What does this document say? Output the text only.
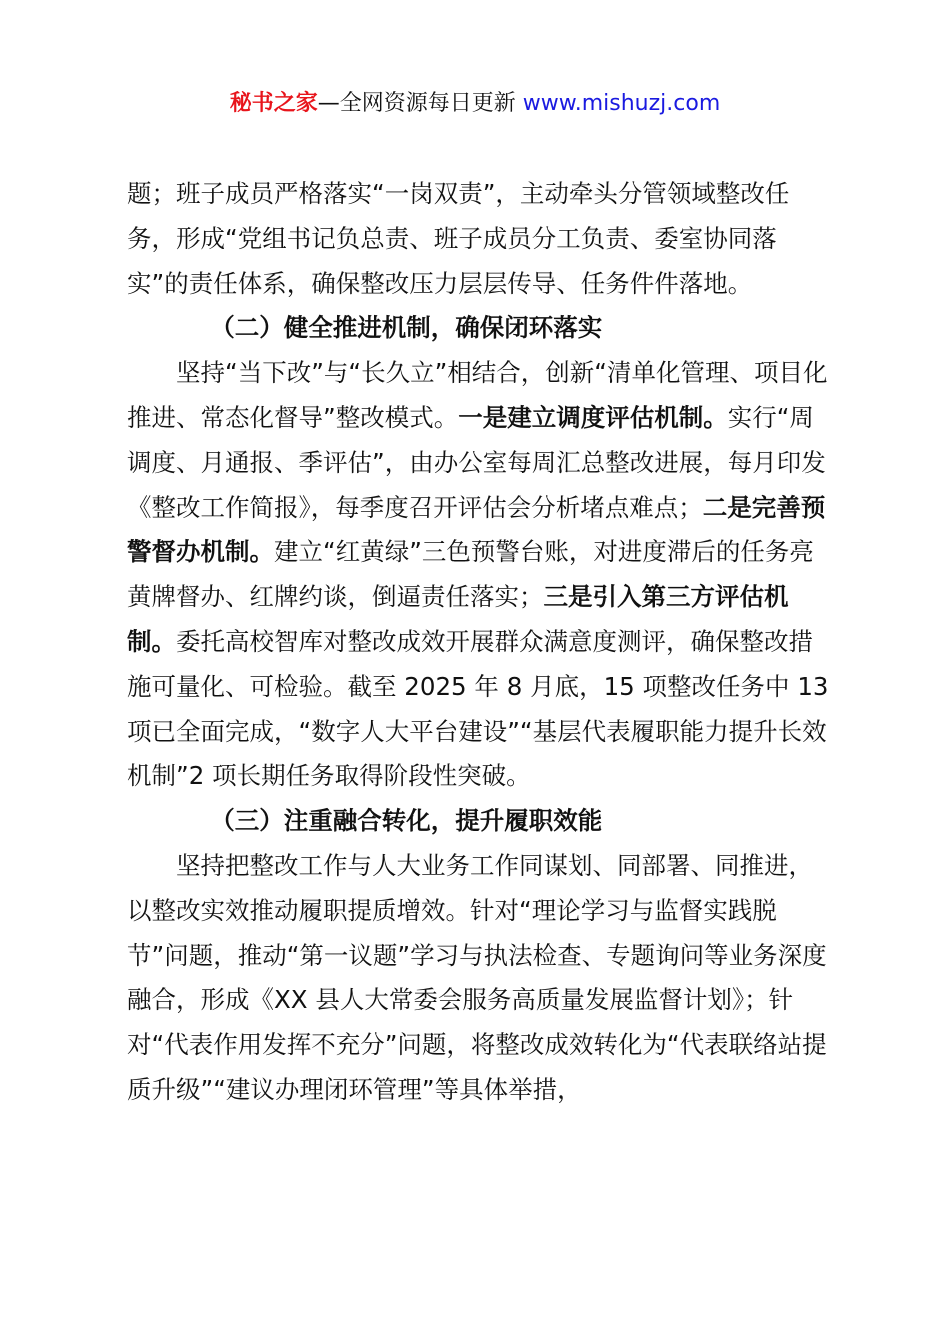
秘书之家—全网资源每日更新 www.mishuzj.com

题；班子成员严格落实“一岗双责”，主动牵头分管领域整改任务，形成“党组书记负总责、班子成员分工负责、委室协同落实”的责任体系，确保整改压力层层传导、任务件件落地。

（二）健全推进机制，确保闭环落实

坚持“当下改”与“长久立”相结合，创新“清单化管理、项目化推进、常态化督导”整改模式。一是建立调度评估机制。实行“周调度、月通报、季评估”，由办公室每周汇总整改进展，每月印发《整改工作简报》，每季度召开评估会分析堵点难点；二是完善预警督办机制。建立“红黄绿”三色预警台账，对进度滞后的任务亮黄牌督办、红牌约谈，倒逼责任落实；三是引入第三方评估机制。委托高校智库对整改成效开展群众满意度测评，确保整改措施可量化、可检验。截至 2025 年 8 月底，15 项整改任务中 13 项已全面完成，“数字人大平台建设”“基层代表履职能力提升长效机制”2 项长期任务取得阶段性突破。

（三）注重融合转化，提升履职效能

坚持把整改工作与人大业务工作同谋划、同部署、同推进，以整改实效推动履职提质增效。针对“理论学习与监督实践脱节”问题，推动“第一议题”学习与执法检查、专题询问等业务深度融合，形成《XX 县人大常委会服务高质量发展监督计划》；针对“代表作用发挥不充分”问题，将整改成效转化为“代表联络站提质升级”“建议办理闭环管理”等具体举措，
